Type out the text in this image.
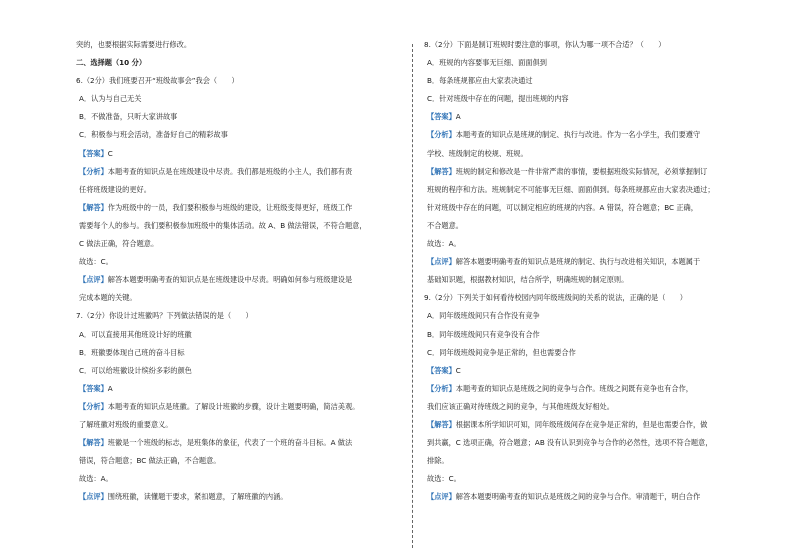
突的，也要根据实际需要进行修改。
二、选择题（10 分）
6.（2分）我们班要召开“班级故事会”我会（　　）
A．认为与自己无关
B．不做准备，只听大家讲故事
C．积极参与班会活动，准备好自己的精彩故事
【答案】C
【分析】本题考查的知识点是在班级建设中尽责。我们都是班级的小主人，我们都有责
任将班级建设的更好。
【解答】作为班级中的一员，我们要积极参与班级的建设，让班级变得更好，班级工作
需要每个人的参与。我们要积极参加班级中的集体活动。故 A、B 做法错误，不符合题意，
C 做法正确，符合题意。
故选：C。
【点评】解答本题要明确考查的知识点是在班级建设中尽责。明确如何参与班级建设是
完成本题的关键。
7.（2分）你设计过班徽吗？下列做法错误的是（　　）
A．可以直接用其他班设计好的班徽
B．班徽要体现自己班的奋斗目标
C．可以给班徽设计缤纷多彩的颜色
【答案】A
【分析】本题考查的知识点是班徽。了解设计班徽的步骤，设计主题要明确，简洁美观。
了解班徽对班级的重要意义。
【解答】班徽是一个班级的标志，是班集体的象征，代表了一个班的奋斗目标。A 做法
错误，符合题意；BC 做法正确，不合题意。
故选：A。
【点评】围绕班徽，读懂题干要求，紧扣题意，了解班徽的内涵。
8.（2分）下面是制订班规时要注意的事项，你认为哪一项不合适？（　　）
A．班规的内容要事无巨细、面面俱到
B．每条班规都应由大家表决通过
C．针对班级中存在的问题，提出班规的内容
【答案】A
【分析】本题考查的知识点是班规的制定、执行与改进。作为一名小学生，我们要遵守
学校、班级制定的校规、班规。
【解答】班规的制定和修改是一件非常严肃的事情，要根据班级实际情况，必须掌握制订
班规的程序和方法。班规制定不可能事无巨细、面面俱到。每条班规都应由大家表决通过；
针对班级中存在的问题，可以制定相应的班规的内容。A 错误，符合题意；BC 正确，
不合题意。
故选：A。
【点评】解答本题要明确考查的知识点是班规的制定、执行与改进相关知识，本题属于
基础知识题，根据教材知识，结合所学，明确班规的制定原则。
9.（2分）下列关于如何看待校园内同年级班级间的关系的说法，正确的是（　　）
A．同年级班级间只有合作没有竞争
B．同年级班级间只有竞争没有合作
C．同年级班级间竞争是正常的，但也需要合作
【答案】C
【分析】本题考查的知识点是班级之间的竞争与合作。班级之间既有竞争也有合作，
我们应该正确对待班级之间的竞争，与其他班级友好相处。
【解答】根据课本所学知识可知，同年级班级间存在竞争是正常的，但是也需要合作，做
到共赢，C 选项正确，符合题意；AB 没有认识到竞争与合作的必然性，选项不符合题意，
排除。
故选：C。
【点评】解答本题要明确考查的知识点是班级之间的竞争与合作。审清题干，明白合作
